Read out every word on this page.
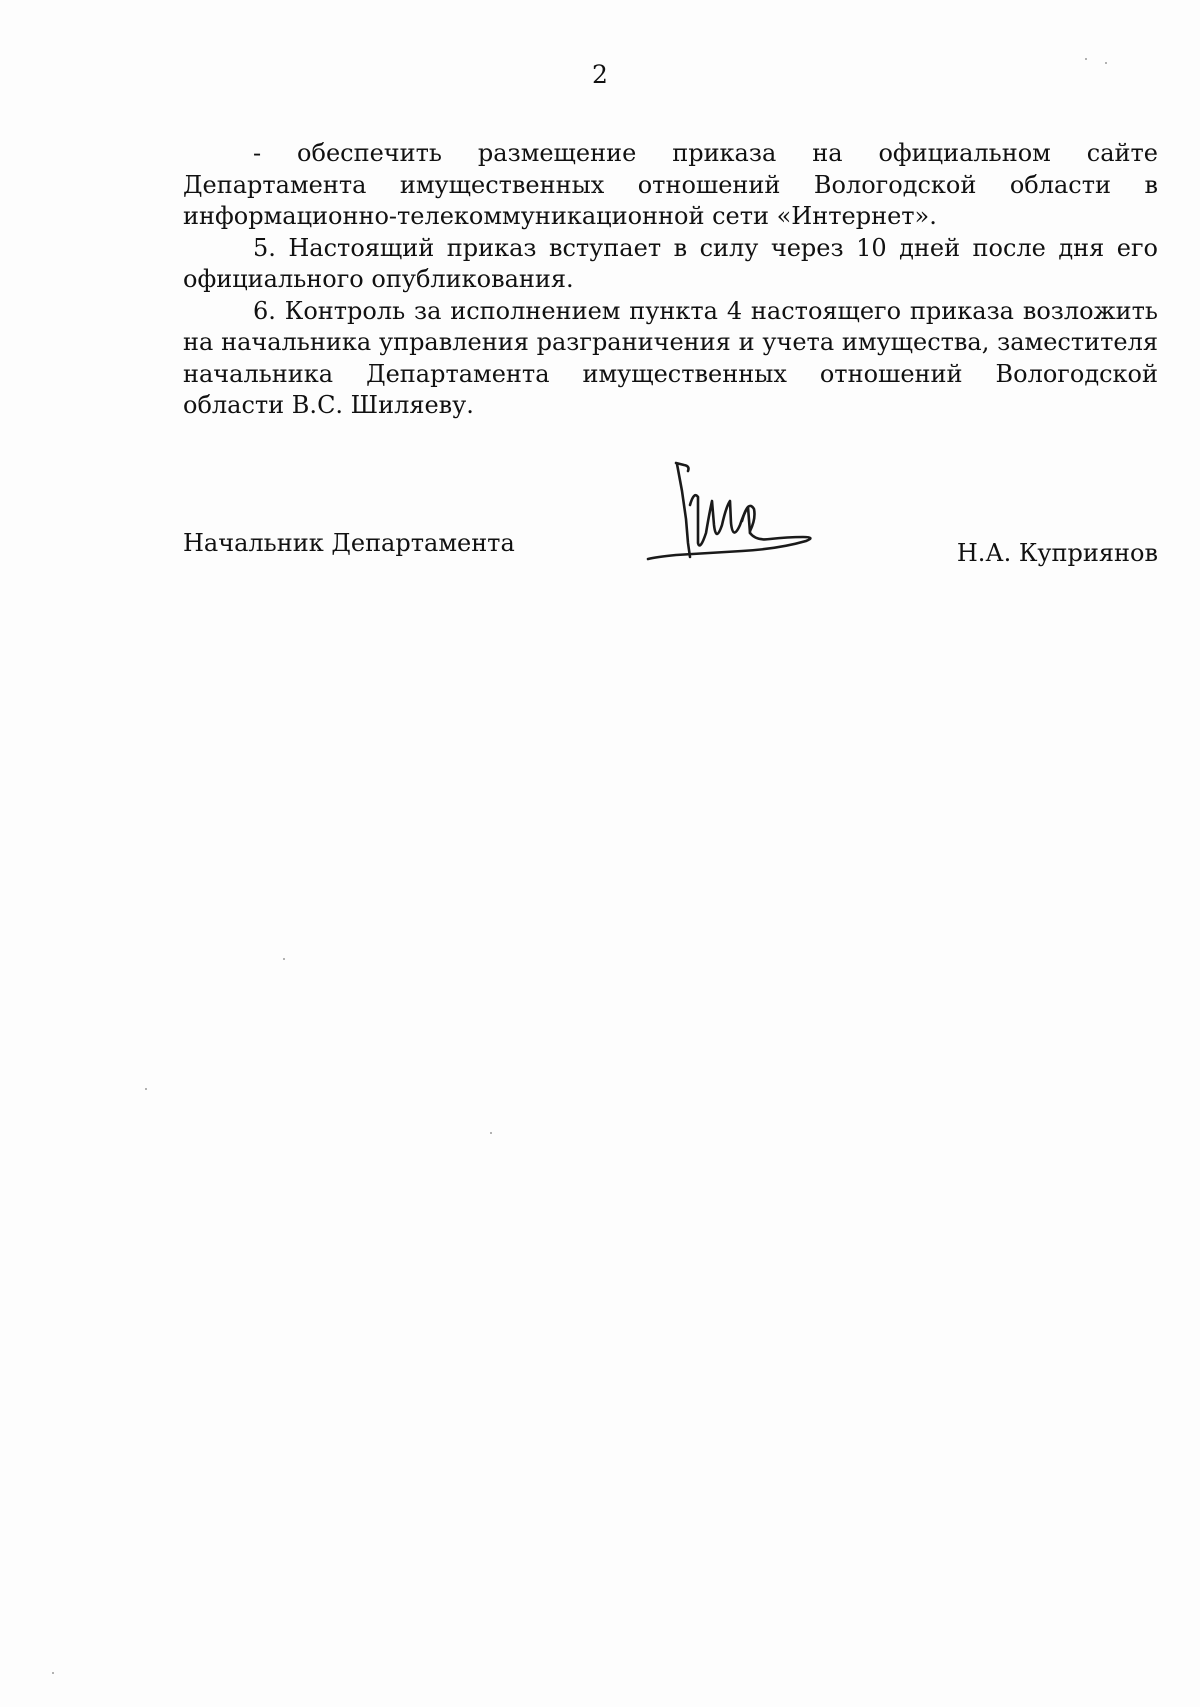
2

- обеспечить размещение приказа на официальном сайте Департамента имущественных отношений Вологодской области в информационно-телекоммуникационной сети «Интернет».

5. Настоящий приказ вступает в силу через 10 дней после дня его официального опубликования.

6. Контроль за исполнением пункта 4 настоящего приказа возложить на начальника управления разграничения и учета имущества, заместителя начальника Департамента имущественных отношений Вологодской области В.С. Шиляеву.

Начальник Департамента	Н.А. Куприянов
